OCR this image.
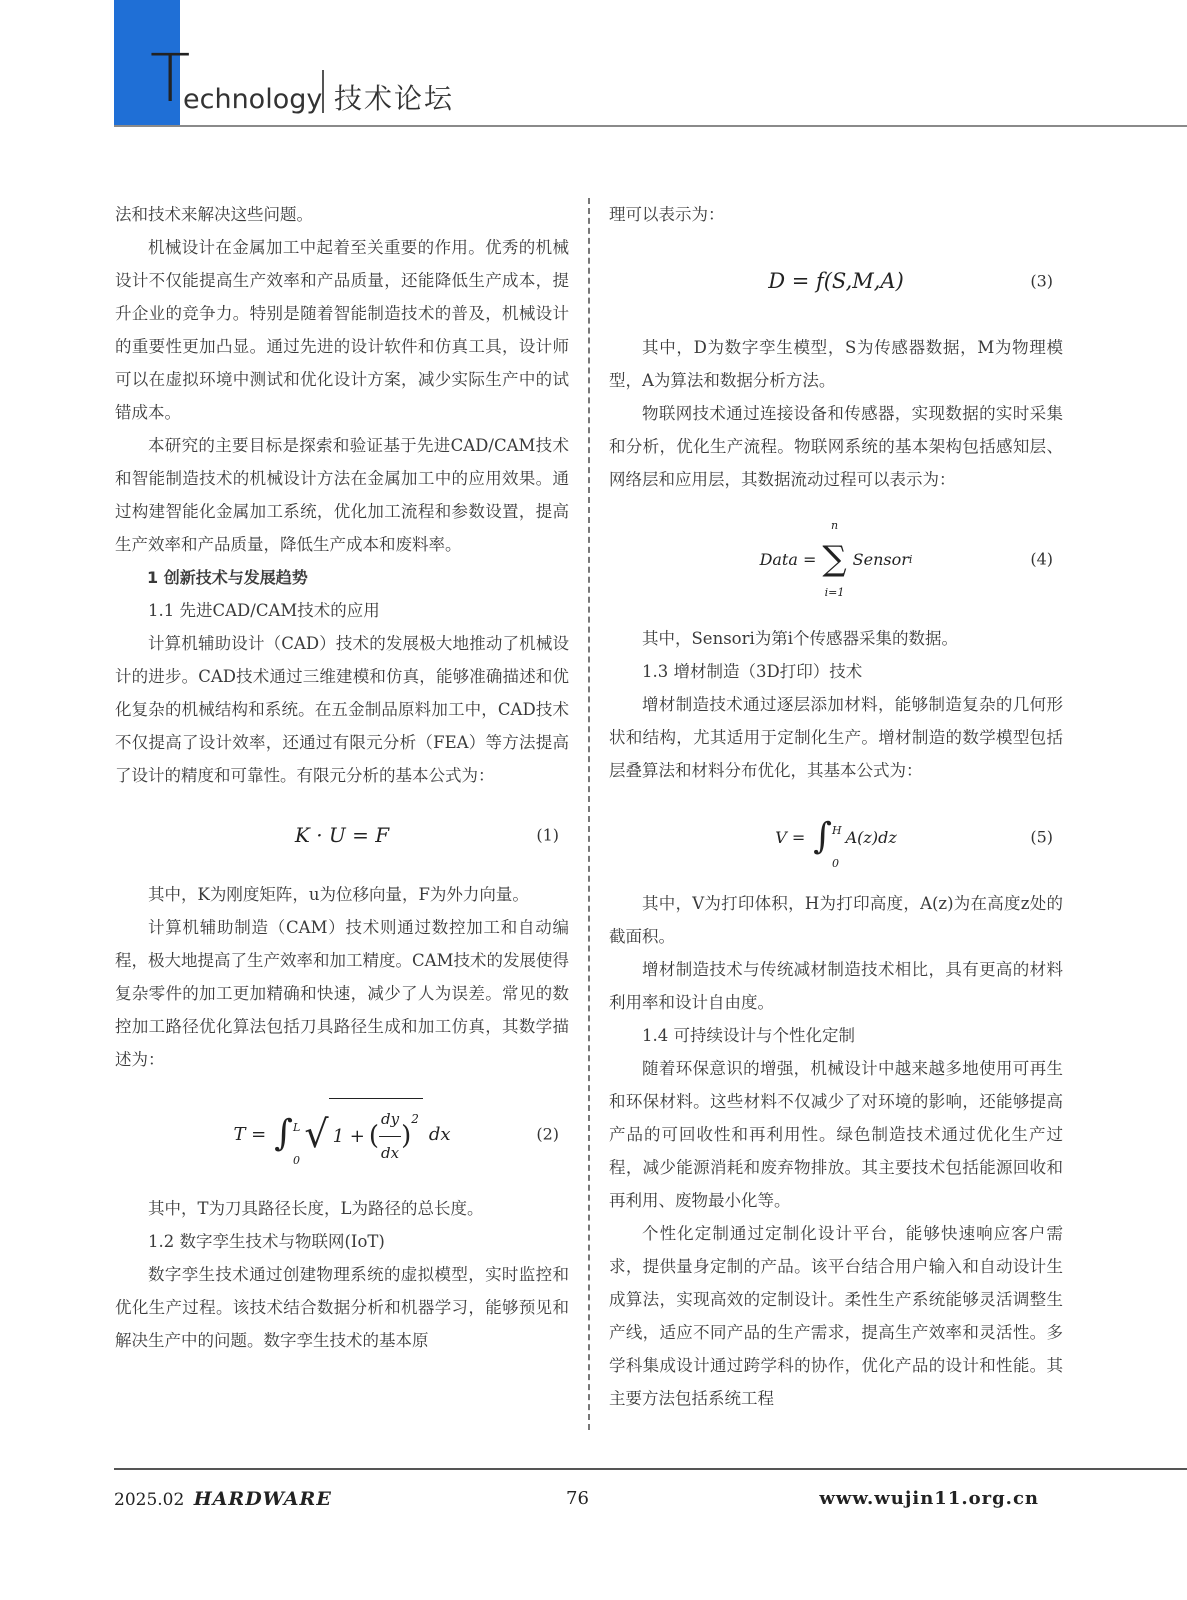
T
echnology 技术论坛

法和技术来解决这些问题。

机械设计在金属加工中起着至关重要的作用。优秀的机械设计不仅能提高生产效率和产品质量，还能降低生产成本，提升企业的竞争力。特别是随着智能制造技术的普及，机械设计的重要性更加凸显。通过先进的设计软件和仿真工具，设计师可以在虚拟环境中测试和优化设计方案，减少实际生产中的试错成本。

本研究的主要目标是探索和验证基于先进CAD/CAM技术和智能制造技术的机械设计方法在金属加工中的应用效果。通过构建智能化金属加工系统，优化加工流程和参数设置，提高生产效率和产品质量，降低生产成本和废料率。

1 创新技术与发展趋势

1.1 先进CAD/CAM技术的应用

计算机辅助设计（CAD）技术的发展极大地推动了机械设计的进步。CAD技术通过三维建模和仿真，能够准确描述和优化复杂的机械结构和系统。在五金制品原料加工中，CAD技术不仅提高了设计效率，还通过有限元分析（FEA）等方法提高了设计的精度和可靠性。有限元分析的基本公式为：

K · U = F	(1)

其中，K为刚度矩阵，u为位移向量，F为外力向量。

计算机辅助制造（CAM）技术则通过数控加工和自动编程，极大地提高了生产效率和加工精度。CAM技术的发展使得复杂零件的加工更加精确和快速，减少了人为误差。常见的数控加工路径优化算法包括刀具路径生成和加工仿真，其数学描述为：

T = ∫ L
0
√ 1 + ( $\frac{dy}{dx}$ )
$^2$
dx	(2)

其中，T为刀具路径长度，L为路径的总长度。

1.2 数字孪生技术与物联网(IoT)

数字孪生技术通过创建物理系统的虚拟模型，实时监控和优化生产过程。该技术结合数据分析和机器学习，能够预见和解决生产中的问题。数字孪生技术的基本原

理可以表示为：

D = f(S,M,A)	(3)

其中，D为数字孪生模型，S为传感器数据，M为物理模型，A为算法和数据分析方法。

物联网技术通过连接设备和传感器，实现数据的实时采集和分析，优化生产流程。物联网系统的基本架构包括感知层、网络层和应用层，其数据流动过程可以表示为：

Data =
n
∑
i=1
Sensor i	(4)

其中，Sensori为第i个传感器采集的数据。

1.3 增材制造（3D打印）技术

增材制造技术通过逐层添加材料，能够制造复杂的几何形状和结构，尤其适用于定制化生产。增材制造的数学模型包括层叠算法和材料分布优化，其基本公式为：

V = ∫ H
0
A(z)dz	(5)

其中，V为打印体积，H为打印高度，A(z)为在高度z处的截面积。

增材制造技术与传统减材制造技术相比，具有更高的材料利用率和设计自由度。

1.4 可持续设计与个性化定制

随着环保意识的增强，机械设计中越来越多地使用可再生和环保材料。这些材料不仅减少了对环境的影响，还能够提高产品的可回收性和再利用性。绿色制造技术通过优化生产过程，减少能源消耗和废弃物排放。其主要技术包括能源回收和再利用、废物最小化等。

个性化定制通过定制化设计平台，能够快速响应客户需求，提供量身定制的产品。该平台结合用户输入和自动设计生成算法，实现高效的定制设计。柔性生产系统能够灵活调整生产线，适应不同产品的生产需求，提高生产效率和灵活性。多学科集成设计通过跨学科的协作，优化产品的设计和性能。其主要方法包括系统工程

2025.02 HARDWARE	76	www.wujin11.org.cn
